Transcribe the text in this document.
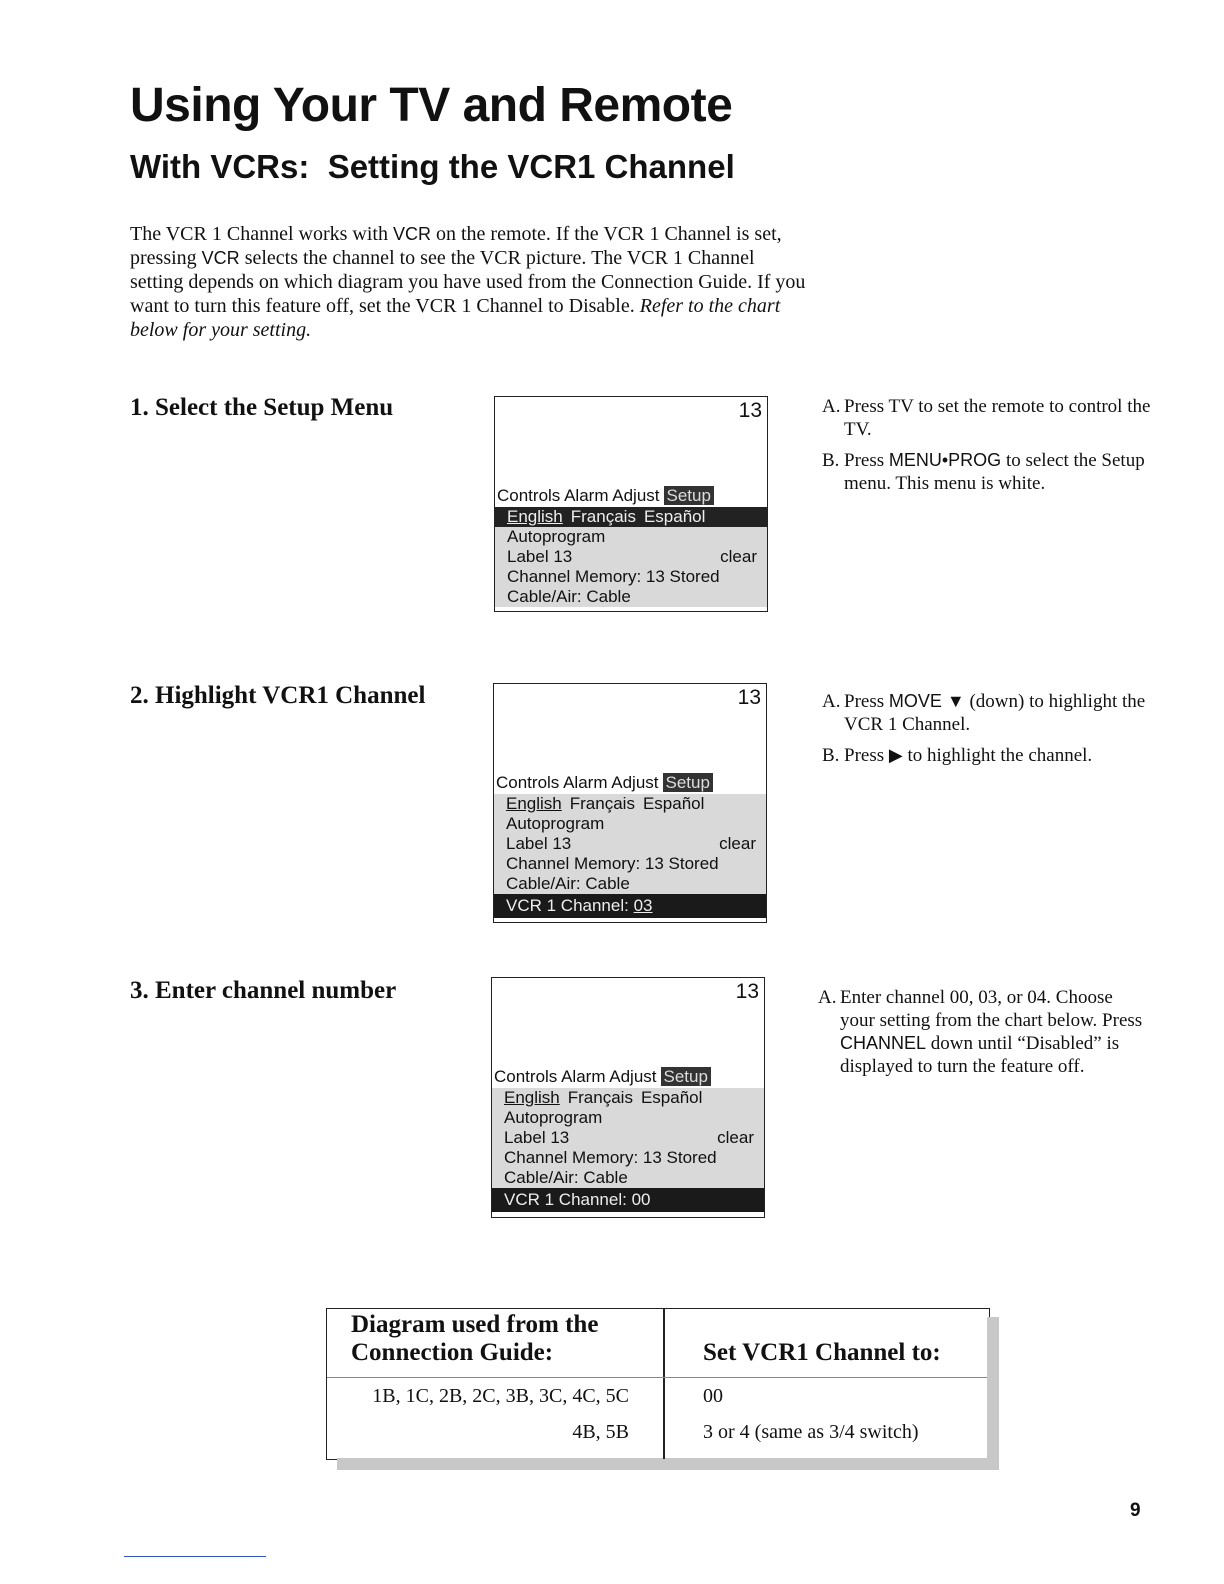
Using Your TV and Remote
With VCRs:  Setting the VCR1 Channel

The VCR 1 Channel works with VCR on the remote. If the VCR 1 Channel is set, pressing VCR selects the channel to see the VCR picture. The VCR 1 Channel setting depends on which diagram you have used from the Connection Guide. If you want to turn this feature off, set the VCR 1 Channel to Disable. Refer to the chart below for your setting.

1. Select the Setup Menu	13
Controls Alarm Adjust Setup
English Français Español
Autoprogram
Label 13	clear
Channel Memory: 13 Stored
Cable/Air: Cable
A. Press TV to set the remote to control the TV.
B. Press MENU•PROG to select the Setup menu. This menu is white.
2. Highlight VCR1 Channel	13
Controls Alarm Adjust Setup
English Français Español
Autoprogram
Label 13	clear
Channel Memory: 13 Stored
Cable/Air: Cable
VCR 1 Channel: 03
A. Press MOVE ▼ (down) to highlight the VCR 1 Channel.
B. Press ▶ to highlight the channel.
3. Enter channel number	13
Controls Alarm Adjust Setup
English Français Español
Autoprogram
Label 13	clear
Channel Memory: 13 Stored
Cable/Air: Cable
VCR 1 Channel: 00
A. Enter channel 00, 03, or 04. Choose your setting from the chart below. Press CHANNEL down until “Disabled” is displayed to turn the feature off.
Diagram used from the Connection Guide:	Set VCR1 Channel to:
1B, 1C, 2B, 2C, 3B, 3C, 4C, 5C	00
4B, 5B	3 or 4 (same as 3/4 switch)
9
